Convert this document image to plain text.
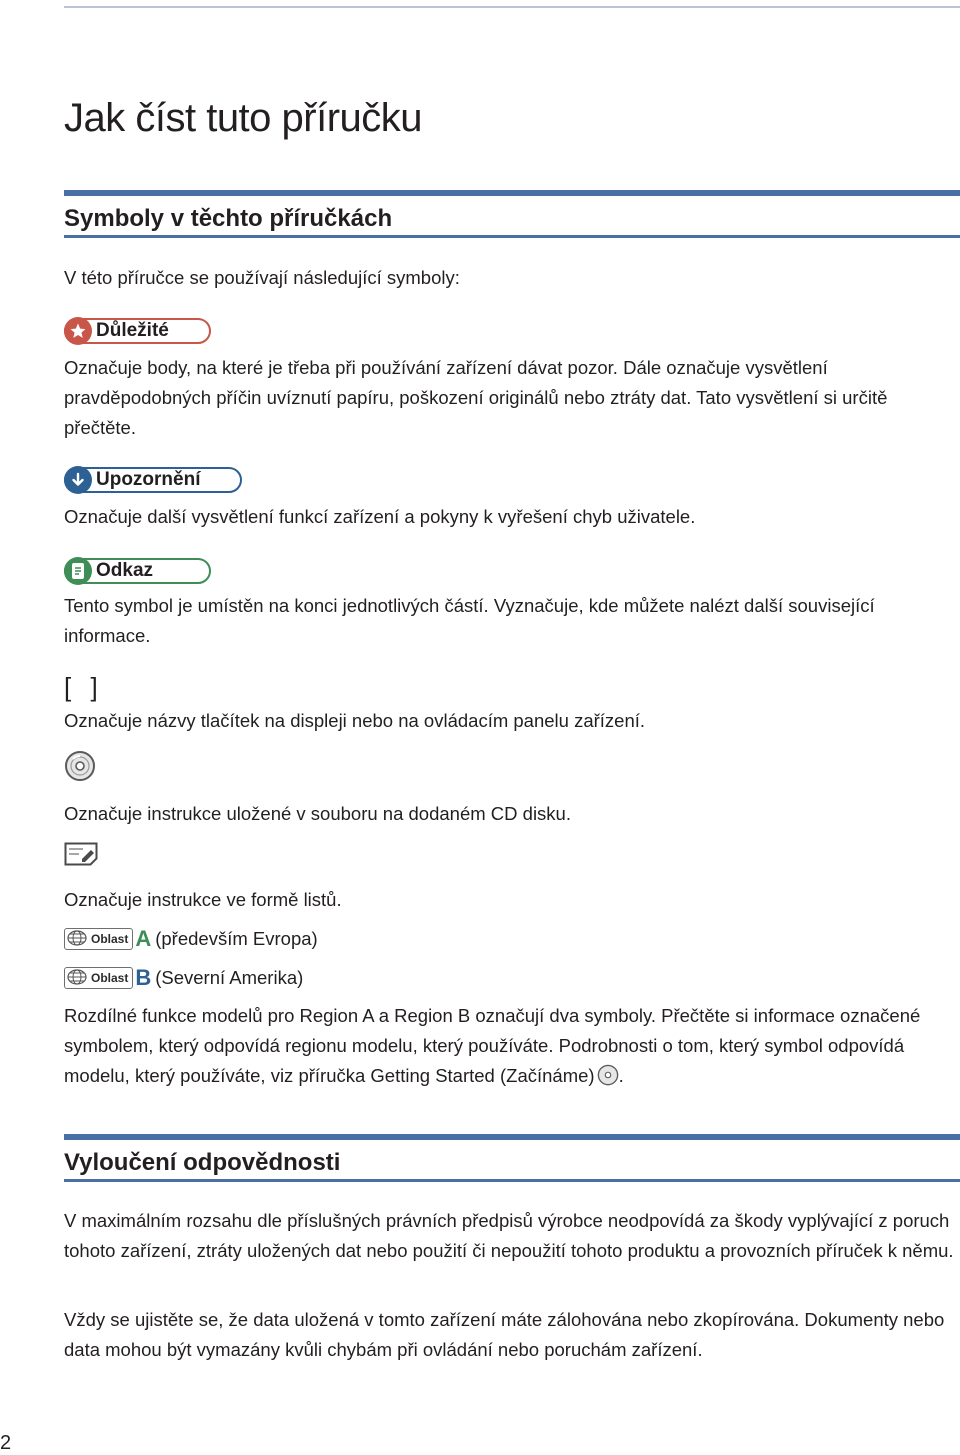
Jak číst tuto příručku
Symboly v těchto příručkách

V této příručce se používají následující symboly:

Důležité

Označuje body, na které je třeba při používání zařízení dávat pozor. Dále označuje vysvětlení pravděpodobných příčin uvíznutí papíru, poškození originálů nebo ztráty dat. Tato vysvětlení si určitě přečtěte.

Upozornění

Označuje další vysvětlení funkcí zařízení a pokyny k vyřešení chyb uživatele.

Odkaz

Tento symbol je umístěn na konci jednotlivých částí. Vyznačuje, kde můžete nalézt další související informace.

[ ]

Označuje názvy tlačítek na displeji nebo na ovládacím panelu zařízení.

Označuje instrukce uložené v souboru na dodaném CD disku.

Označuje instrukce ve formě listů.

Oblast A (především Evropa)
Oblast B (Severní Amerika)

Rozdílné funkce modelů pro Region A a Region B označují dva symboly. Přečtěte si informace označené symbolem, který odpovídá regionu modelu, který používáte. Podrobnosti o tom, který symbol odpovídá modelu, který používáte, viz příručka Getting Started (Začínáme) .

Vyloučení odpovědnosti

V maximálním rozsahu dle příslušných právních předpisů výrobce neodpovídá za škody vyplývající z poruch tohoto zařízení, ztráty uložených dat nebo použití či nepoužití tohoto produktu a provozních příruček k němu.

Vždy se ujistěte se, že data uložená v tomto zařízení máte zálohována nebo zkopírována. Dokumenty nebo data mohou být vymazány kvůli chybám při ovládání nebo poruchám zařízení.

2
